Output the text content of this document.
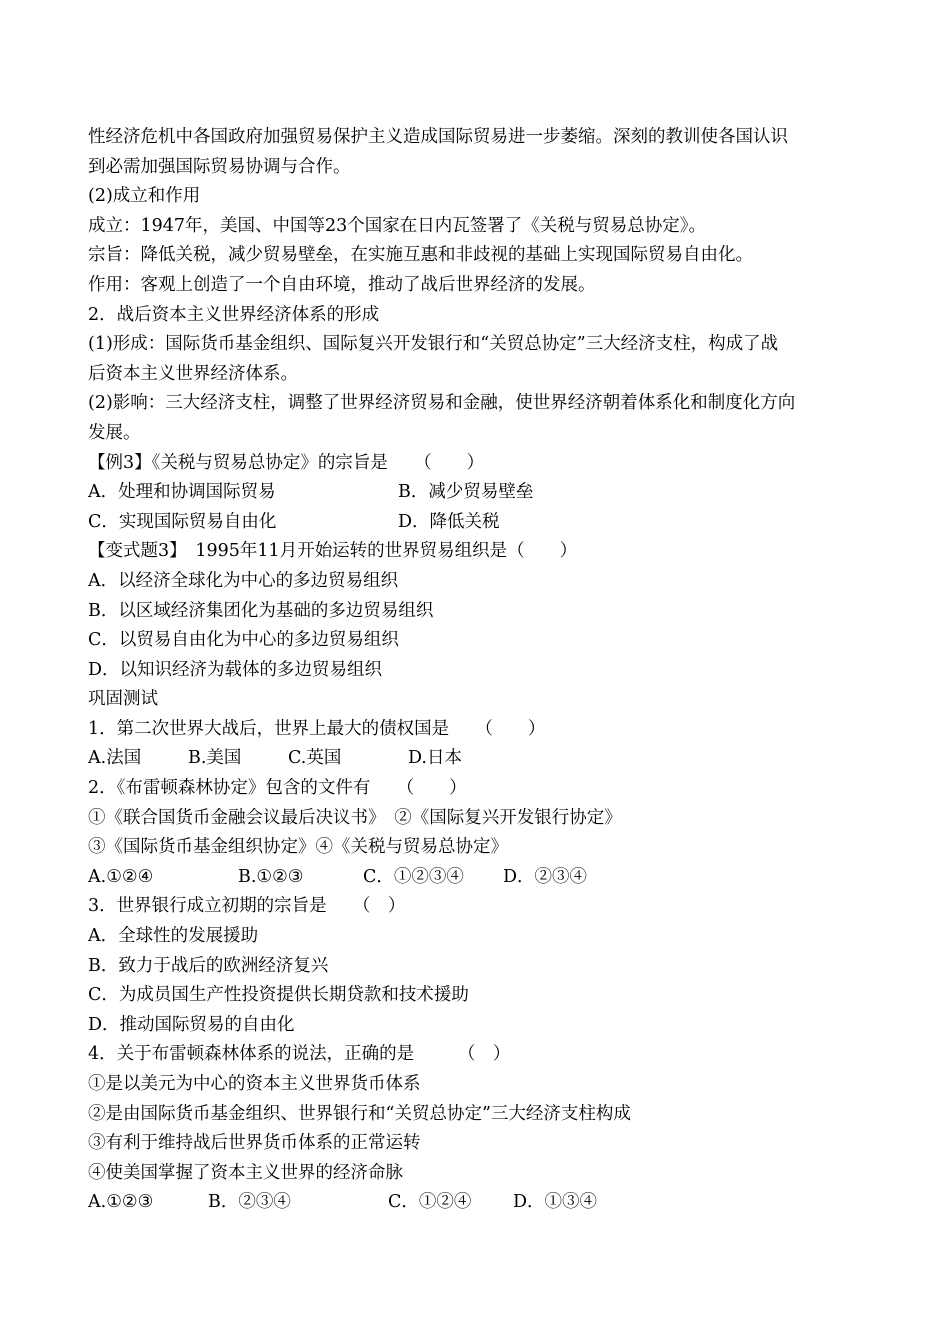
性经济危机中各国政府加强贸易保护主义造成国际贸易进一步萎缩。深刻的教训使各国认识
到必需加强国际贸易协调与合作。
(2)成立和作用
成立：1947年，美国、中国等23个国家在日内瓦签署了《关税与贸易总协定》。
宗旨：降低关税，减少贸易壁垒，在实施互惠和非歧视的基础上实现国际贸易自由化。
作用：客观上创造了一个自由环境，推动了战后世界经济的发展。
2．战后资本主义世界经济体系的形成
(1)形成：国际货币基金组织、国际复兴开发银行和“关贸总协定”三大经济支柱，构成了战
后资本主义世界经济体系。
(2)影响：三大经济支柱，调整了世界经济贸易和金融，使世界经济朝着体系化和制度化方向
发展。
【例3】《关税与贸易总协定》的宗旨是　　（　　）
A．处理和协调国际贸易	B．减少贸易壁垒
C．实现国际贸易自由化	D．降低关税
【变式题3】　1995年11月开始运转的世界贸易组织是（　　）
A．以经济全球化为中心的多边贸易组织
B．以区域经济集团化为基础的多边贸易组织
C．以贸易自由化为中心的多边贸易组织
D．以知识经济为载体的多边贸易组织
巩固测试
1．第二次世界大战后，世界上最大的债权国是　　（　　）
A.法国	B.美国	C.英国	D.日本
2．《布雷顿森林协定》包含的文件有　　（　　）
①《联合国货币金融会议最后决议书》　②《国际复兴开发银行协定》
③《国际货币基金组织协定》④《关税与贸易总协定》
A.①②④	B.①②③	C．①②③④	D．②③④
3．世界银行成立初期的宗旨是　　（　）
A．全球性的发展援助
B．致力于战后的欧洲经济复兴
C．为成员国生产性投资提供长期贷款和技术援助
D．推动国际贸易的自由化
4．关于布雷顿森林体系的说法，正确的是　　　（　）
①是以美元为中心的资本主义世界货币体系
②是由国际货币基金组织、世界银行和“关贸总协定”三大经济支柱构成
③有利于维持战后世界货币体系的正常运转
④使美国掌握了资本主义世界的经济命脉
A.①②③	B．②③④	C．①②④	D．①③④
